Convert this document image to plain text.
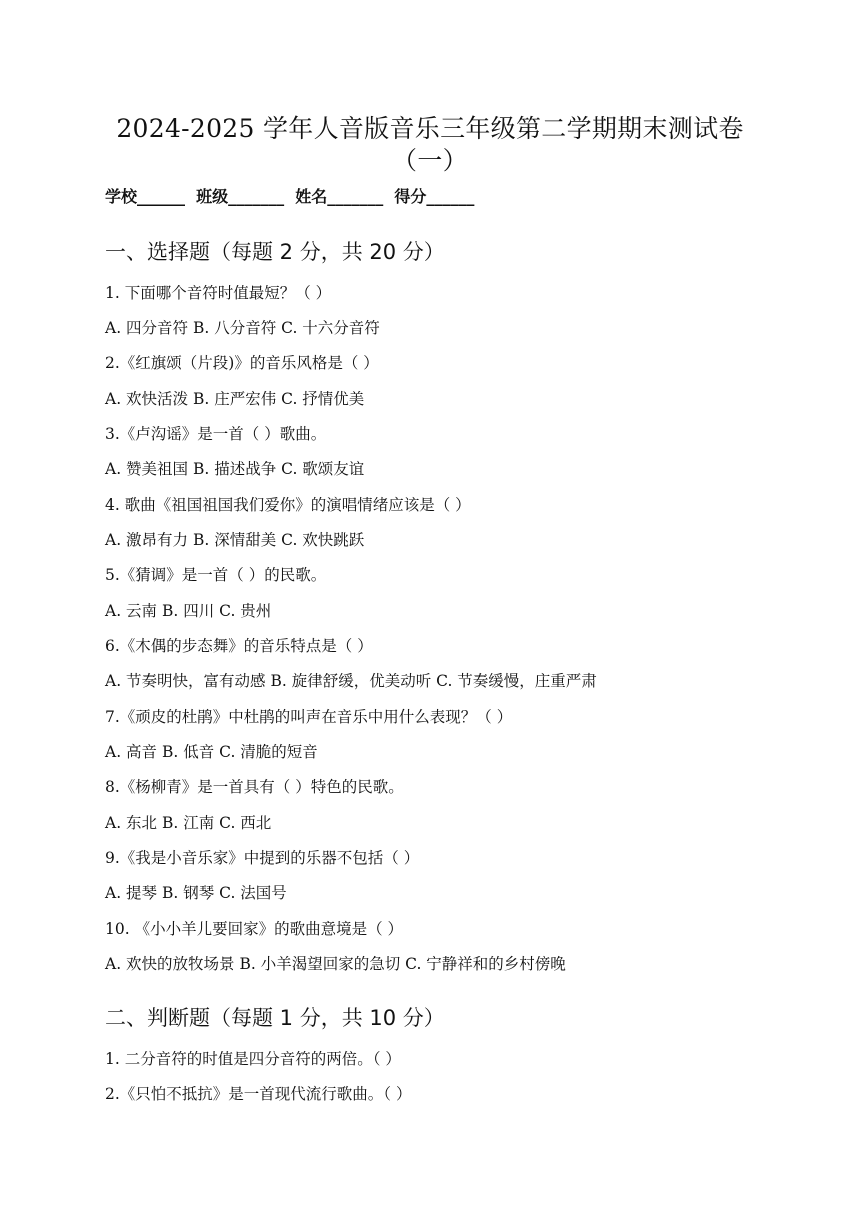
2024-2025 学年人音版音乐三年级第二学期期末测试卷
（一）
学校______  班级_______  姓名_______  得分______
一、选择题（每题 2 分，共 20 分）
1. 下面哪个音符时值最短？（ ）
A. 四分音符 B. 八分音符 C. 十六分音符
2.《红旗颂（片段)》的音乐风格是（ ）
A. 欢快活泼 B. 庄严宏伟 C. 抒情优美
3.《卢沟谣》是一首（ ）歌曲。
A. 赞美祖国 B. 描述战争 C. 歌颂友谊
4. 歌曲《祖国祖国我们爱你》的演唱情绪应该是（ ）
A. 激昂有力 B. 深情甜美 C. 欢快跳跃
5.《猜调》是一首（ ）的民歌。
A. 云南 B. 四川 C. 贵州
6.《木偶的步态舞》的音乐特点是（ ）
A. 节奏明快，富有动感 B. 旋律舒缓，优美动听 C. 节奏缓慢，庄重严肃
7.《顽皮的杜鹃》中杜鹃的叫声在音乐中用什么表现？（ ）
A. 高音 B. 低音 C. 清脆的短音
8.《杨柳青》是一首具有（ ）特色的民歌。
A. 东北 B. 江南 C. 西北
9.《我是小音乐家》中提到的乐器不包括（ ）
A. 提琴 B. 钢琴 C. 法国号
10. 《小小羊儿要回家》的歌曲意境是（ ）
A. 欢快的放牧场景 B. 小羊渴望回家的急切 C. 宁静祥和的乡村傍晚
二、判断题（每题 1 分，共 10 分）
1. 二分音符的时值是四分音符的两倍。（ ）
2.《只怕不抵抗》是一首现代流行歌曲。（ ）
